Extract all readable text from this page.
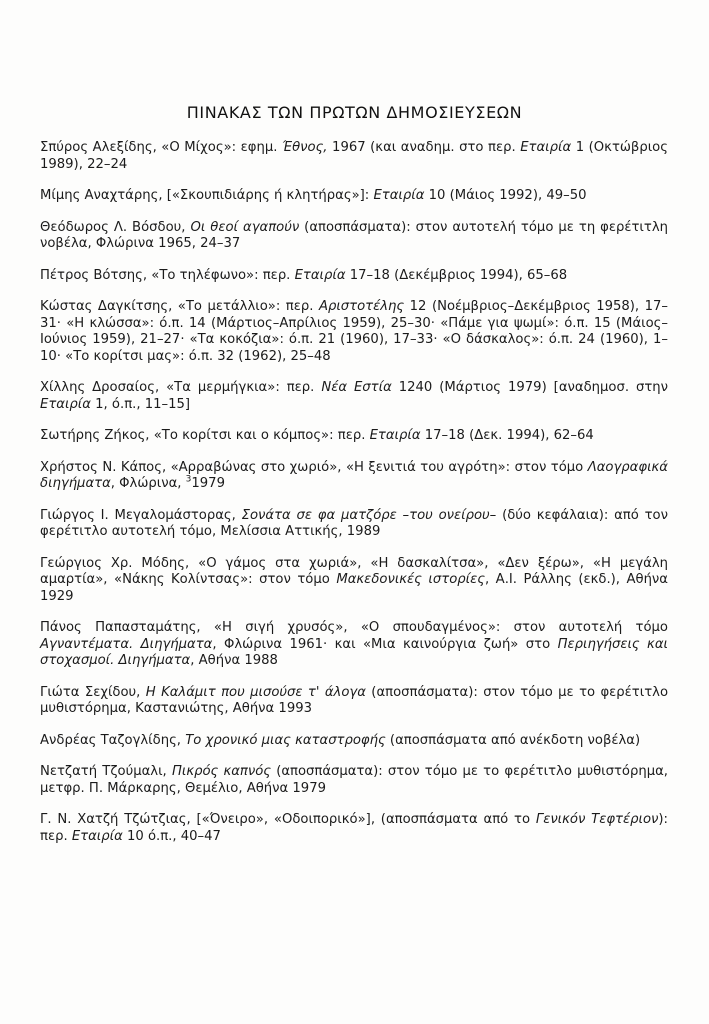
ΠΙΝΑΚΑΣ ΤΩΝ ΠΡΩΤΩΝ ΔΗΜΟΣΙΕΥΣΕΩΝ

Σπύρος Αλεξίδης, «Ο Μίχος»: εφημ. Έθνος, 1967 (και αναδημ. στο περ. Εταιρία 1 (Οκτώβριος 1989), 22–24

Μίμης Αναχτάρης, [«Σκουπιδιάρης ή κλητήρας»]: Εταιρία 10 (Μάιος 1992), 49–50

Θεόδωρος Λ. Βόσδου, Οι θεοί αγαπούν (αποσπάσματα): στον αυτοτελή τόμο με τη φερέτιτλη νοβέλα, Φλώρινα 1965, 24–37

Πέτρος Βότσης, «Το τηλέφωνο»: περ. Εταιρία 17–18 (Δεκέμβριος 1994), 65–68

Κώστας Δαγκίτσης, «Το μετάλλιο»: περ. Αριστοτέλης 12 (Νοέμβριος–Δεκέμβριος 1958), 17–31· «Η κλώσσα»: ό.π. 14 (Μάρτιος–Απρίλιος 1959), 25–30· «Πάμε για ψωμί»: ό.π. 15 (Μάιος–Ιούνιος 1959), 21–27· «Τα κοκόζια»: ό.π. 21 (1960), 17–33· «Ο δάσκαλος»: ό.π. 24 (1960), 1–10· «Το κορίτσι μας»: ό.π. 32 (1962), 25–48

Χίλλης Δροσαίος, «Τα μερμήγκια»: περ. Νέα Εστία 1240 (Μάρτιος 1979) [αναδημοσ. στην Εταιρία 1, ό.π., 11–15]

Σωτήρης Ζήκος, «Το κορίτσι και ο κόμπος»: περ. Εταιρία 17–18 (Δεκ. 1994), 62–64

Χρήστος Ν. Κάπος, «Αρραβώνας στο χωριό», «Η ξενιτιά του αγρότη»: στον τόμο Λαογραφικά διηγήματα, Φλώρινα, $^3$1979

Γιώργος Ι. Μεγαλομάστορας, Σονάτα σε φα ματζόρε –του ονείρου– (δύο κεφάλαια): από τον φερέτιτλο αυτοτελή τόμο, Μελίσσια Αττικής, 1989

Γεώργιος Χρ. Μόδης, «Ο γάμος στα χωριά», «Η δασκαλίτσα», «Δεν ξέρω», «Η μεγάλη αμαρτία», «Νάκης Κολίντσας»: στον τόμο Μακεδονικές ιστορίες, Α.Ι. Ράλλης (εκδ.), Αθήνα 1929

Πάνος Παπασταμάτης, «Η σιγή χρυσός», «Ο σπουδαγμένος»: στον αυτοτελή τόμο Αγναντέματα. Διηγήματα, Φλώρινα 1961· και «Μια καινούργια ζωή» στο Περιηγήσεις και στοχασμοί. Διηγήματα, Αθήνα 1988

Γιώτα Σεχίδου, Η Καλάμιτ που μισούσε τ' άλογα (αποσπάσματα): στον τόμο με το φερέτιτλο μυθιστόρημα, Καστανιώτης, Αθήνα 1993

Ανδρέας Ταζογλίδης, Το χρονικό μιας καταστροφής (αποσπάσματα από ανέκδοτη νοβέλα)

Νετζατή Τζούμαλι, Πικρός καπνός (αποσπάσματα): στον τόμο με το φερέτιτλο μυθιστόρημα, μετφρ. Π. Μάρκαρης, Θεμέλιο, Αθήνα 1979

Γ. Ν. Χατζή Τζώτζιας, [«Όνειρο», «Οδοιπορικό»], (αποσπάσματα από το Γενικόν Τεφτέριον): περ. Εταιρία 10 ό.π., 40–47
